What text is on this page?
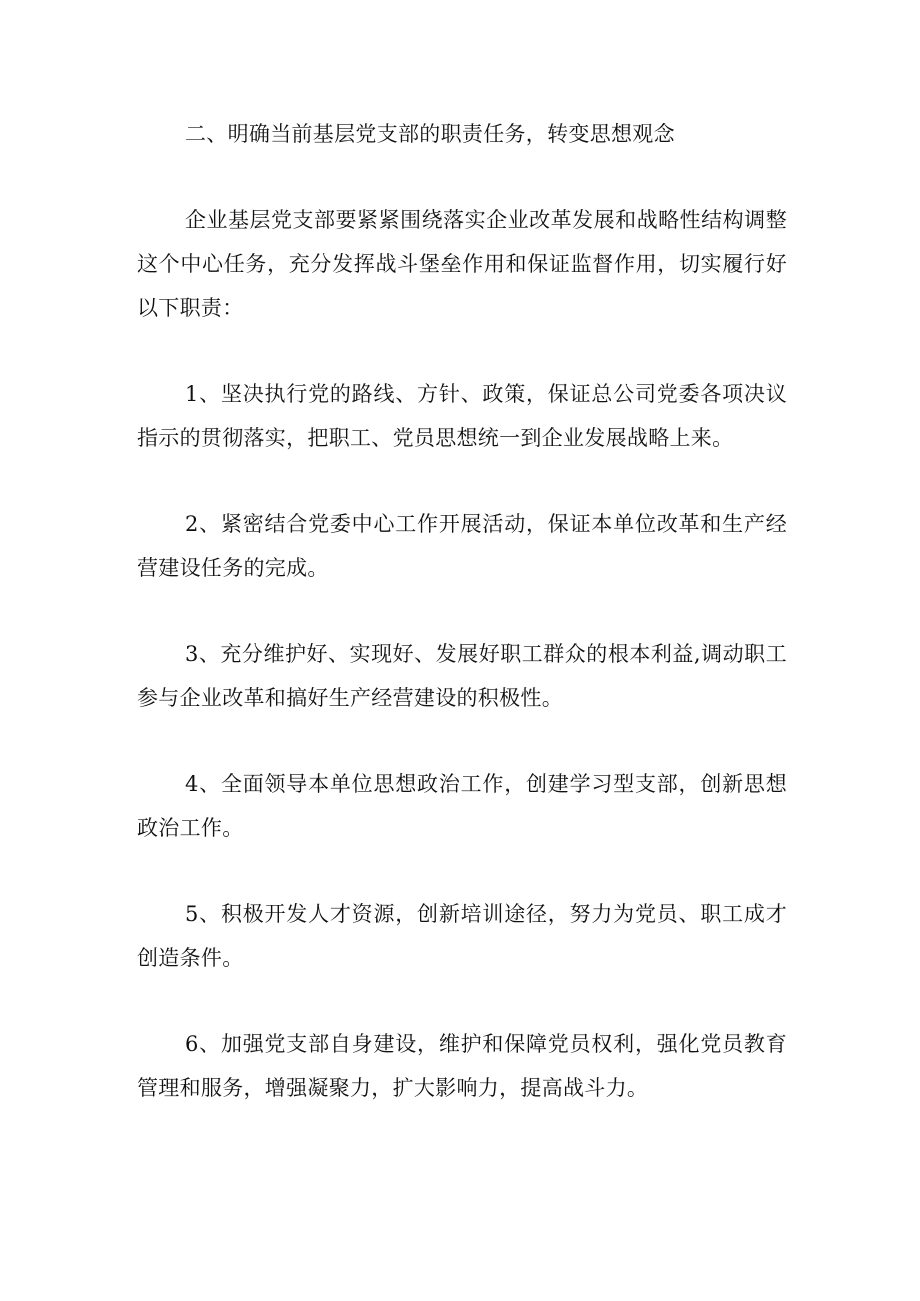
二、明确当前基层党支部的职责任务，转变思想观念

企业基层党支部要紧紧围绕落实企业改革发展和战略性结构调整这个中心任务，充分发挥战斗堡垒作用和保证监督作用，切实履行好以下职责：

1、坚决执行党的路线、方针、政策，保证总公司党委各项决议指示的贯彻落实，把职工、党员思想统一到企业发展战略上来。

2、紧密结合党委中心工作开展活动，保证本单位改革和生产经营建设任务的完成。

3、充分维护好、实现好、发展好职工群众的根本利益,调动职工参与企业改革和搞好生产经营建设的积极性。

4、全面领导本单位思想政治工作，创建学习型支部，创新思想政治工作。

5、积极开发人才资源，创新培训途径，努力为党员、职工成才创造条件。

6、加强党支部自身建设，维护和保障党员权利，强化党员教育管理和服务，增强凝聚力，扩大影响力，提高战斗力。
